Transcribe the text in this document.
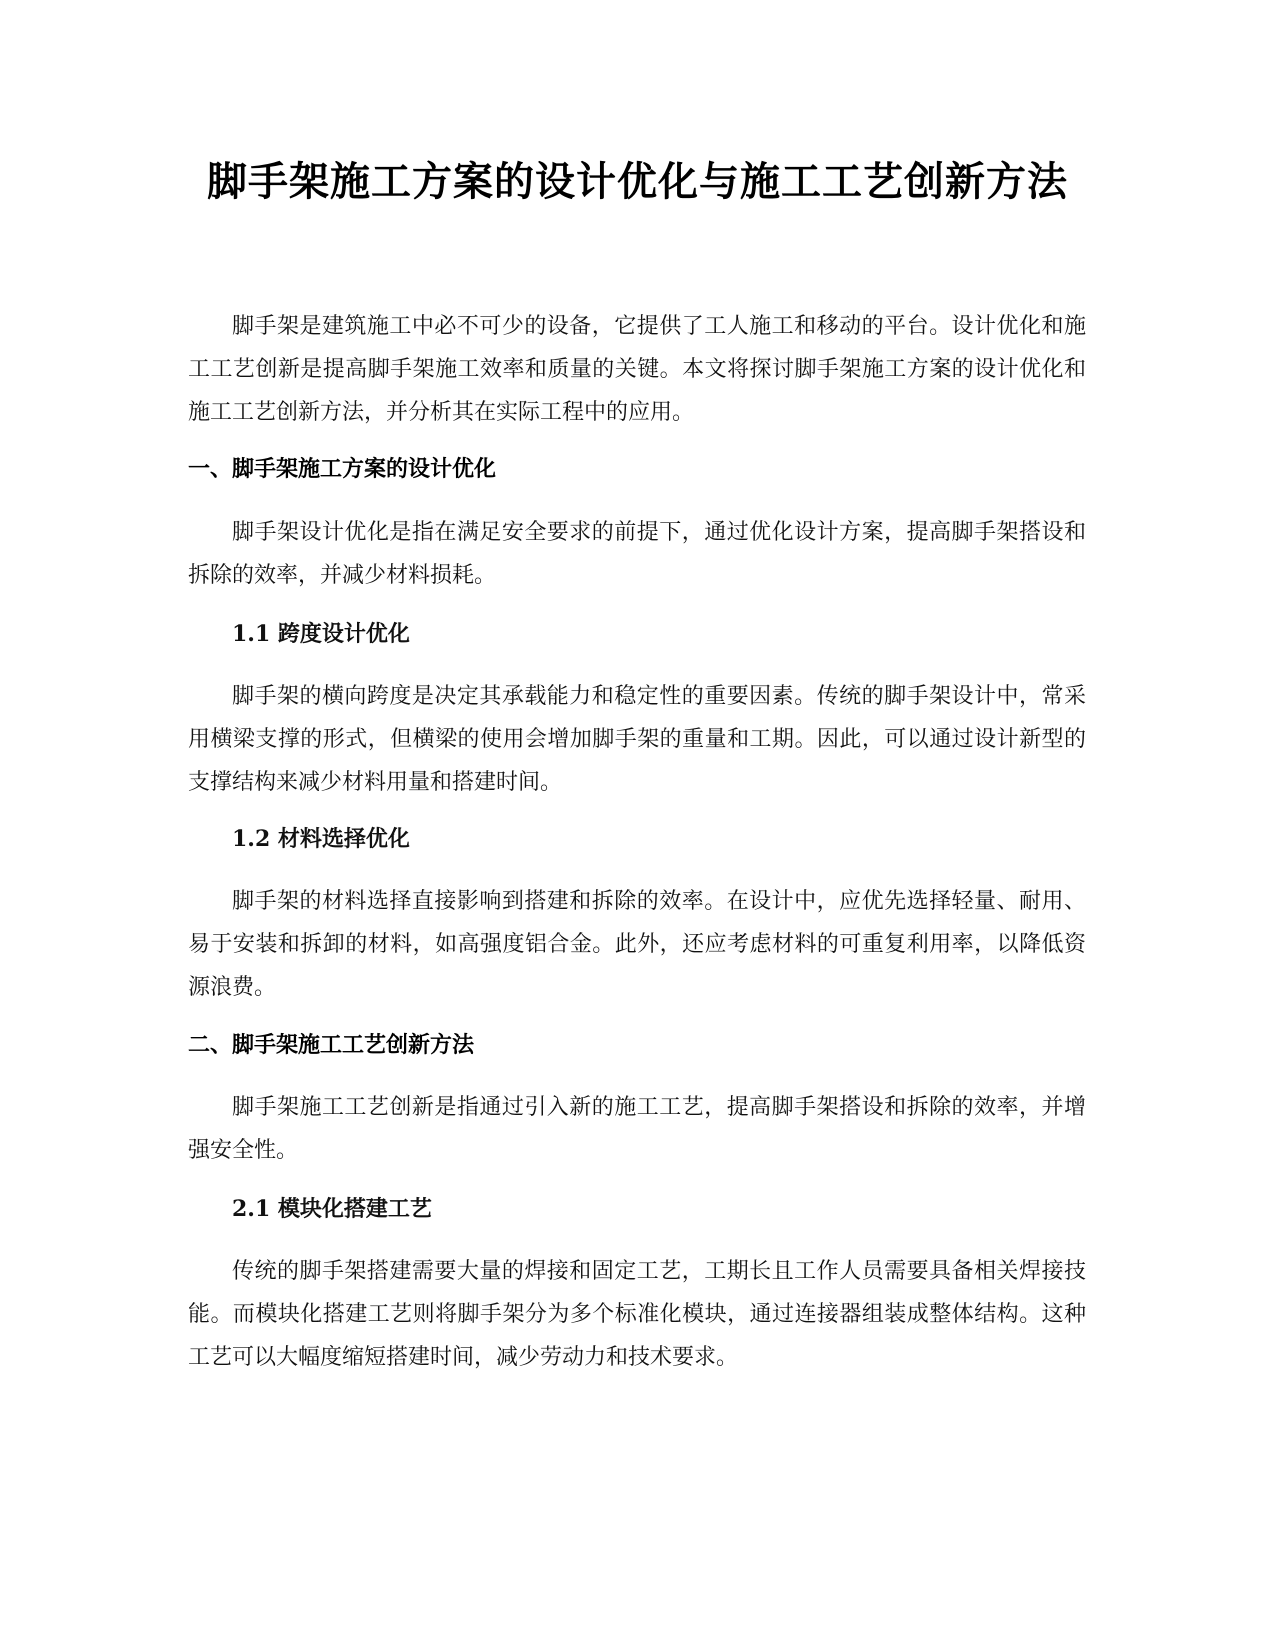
脚手架施工方案的设计优化与施工工艺创新方法

脚手架是建筑施工中必不可少的设备，它提供了工人施工和移动的平台。设计优化和施工工艺创新是提高脚手架施工效率和质量的关键。本文将探讨脚手架施工方案的设计优化和施工工艺创新方法，并分析其在实际工程中的应用。

一、脚手架施工方案的设计优化

脚手架设计优化是指在满足安全要求的前提下，通过优化设计方案，提高脚手架搭设和拆除的效率，并减少材料损耗。

1.1 跨度设计优化

脚手架的横向跨度是决定其承载能力和稳定性的重要因素。传统的脚手架设计中，常采用横梁支撑的形式，但横梁的使用会增加脚手架的重量和工期。因此，可以通过设计新型的支撑结构来减少材料用量和搭建时间。

1.2 材料选择优化

脚手架的材料选择直接影响到搭建和拆除的效率。在设计中，应优先选择轻量、耐用、易于安装和拆卸的材料，如高强度铝合金。此外，还应考虑材料的可重复利用率，以降低资源浪费。

二、脚手架施工工艺创新方法

脚手架施工工艺创新是指通过引入新的施工工艺，提高脚手架搭设和拆除的效率，并增强安全性。

2.1 模块化搭建工艺

传统的脚手架搭建需要大量的焊接和固定工艺，工期长且工作人员需要具备相关焊接技能。而模块化搭建工艺则将脚手架分为多个标准化模块，通过连接器组装成整体结构。这种工艺可以大幅度缩短搭建时间，减少劳动力和技术要求。
